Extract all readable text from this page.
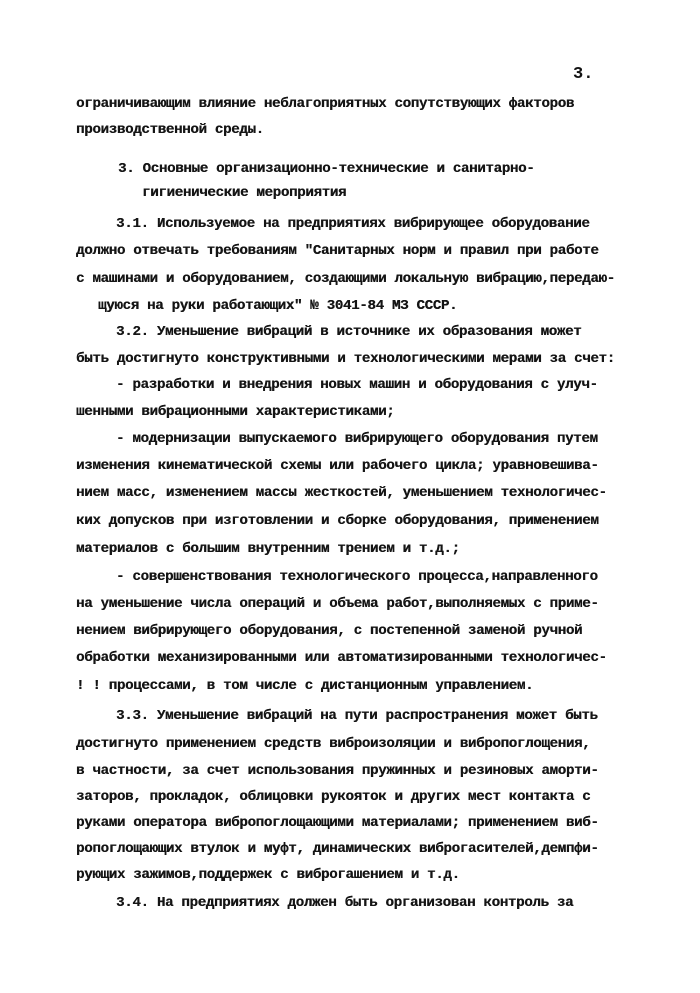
3.
ограничивающим влияние неблагоприятных сопутствующих факторов
производственной среды.
3. Основные организационно-технические и санитарно-
гигиенические мероприятия
3.1. Используемое на предприятиях вибрирующее оборудование
должно отвечать требованиям "Санитарных норм и правил при работе
с машинами и оборудованием, создающими локальную вибрацию,передаю-
щуюся на руки работающих" № 3041-84 МЗ СССР.
3.2. Уменьшение вибраций в источнике их образования может
быть достигнуто конструктивными и технологическими мерами за счет:
- разработки и внедрения новых машин и оборудования с улуч-
шенными вибрационными характеристиками;
- модернизации выпускаемого вибрирующего оборудования путем
изменения кинематической схемы или рабочего цикла; уравновешива-
нием масс, изменением массы жесткостей, уменьшением технологичес-
ких допусков при изготовлении и сборке оборудования, применением
материалов с большим внутренним трением и т.д.;
- совершенствования технологического процесса,направленного
на уменьшение числа операций и объема работ,выполняемых с приме-
нением вибрирующего оборудования, с постепенной заменой ручной
обработки механизированными или автоматизированными технологичес-
! ! процессами, в том числе с дистанционным управлением.
3.3. Уменьшение вибраций на пути распространения может быть
достигнуто применением средств виброизоляции и вибропоглощения,
в частности, за счет использования пружинных и резиновых аморти-
заторов, прокладок, облицовки рукояток и других мест контакта с
руками оператора вибропоглощающими материалами; применением виб-
ропоглощающих втулок и муфт, динамических виброгасителей,демпфи-
рующих зажимов,поддержек с виброгашением и т.д.
3.4. На предприятиях должен быть организован контроль за
